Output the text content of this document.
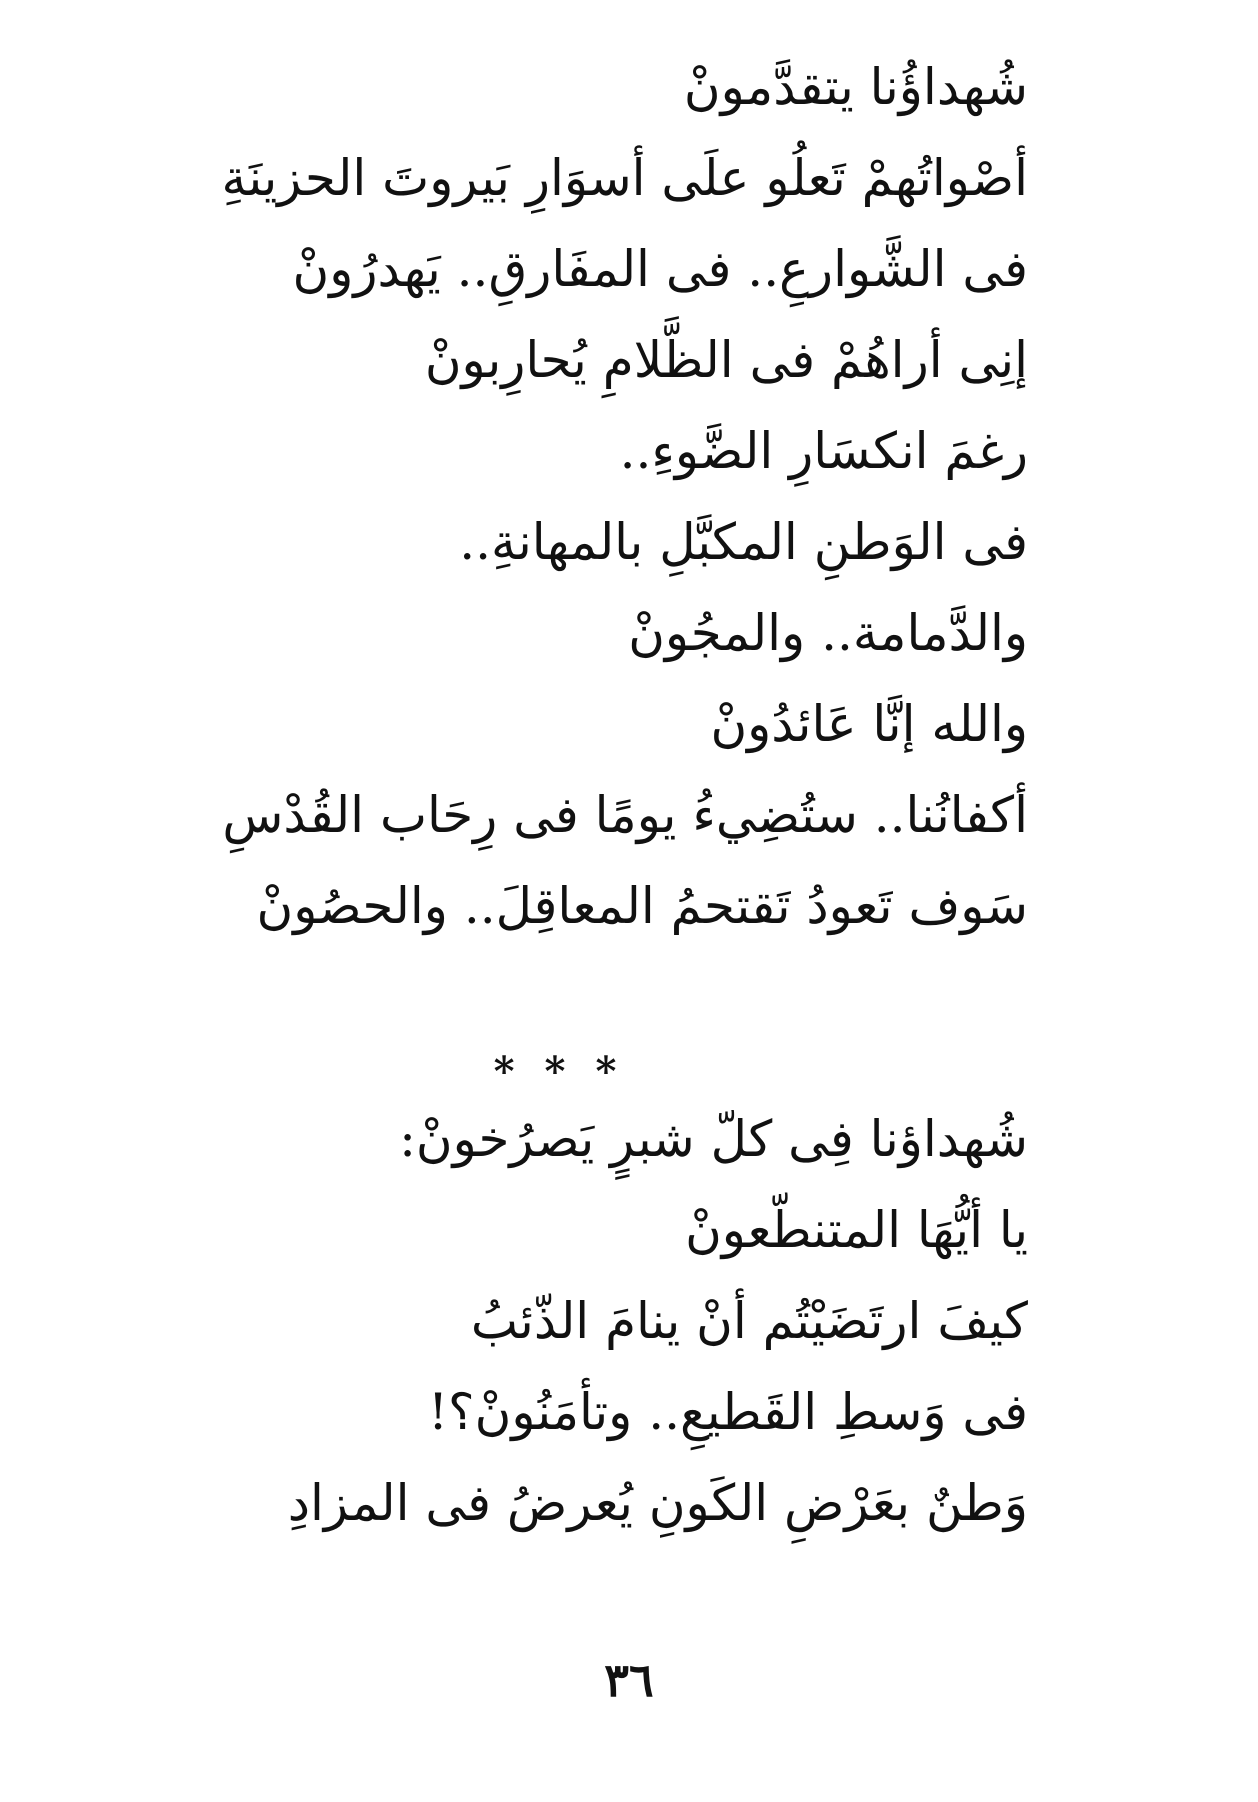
شُهداؤُنا يتقدَّمونْ
أصْواتُهمْ تَعلُو علَى أسوَارِ بَيروتَ الحزينَةِ
فى الشَّوارعِ.. فى المفَارقِ.. يَهدرُونْ
إنِى أراهُمْ فى الظَّلامِ يُحارِبونْ
رغمَ انكسَارِ الضَّوءِ..
فى الوَطنِ المكبَّلِ بالمهانةِ..
والدَّمامة.. والمجُونْ
والله إنَّا عَائدُونْ
أكفانُنا.. ستُضِيءُ يومًا فى رِحَاب القُدْسِ
سَوف تَعودُ تَقتحمُ المعاقِلَ.. والحصُونْ
***
شُهداؤنا فِى كلّ شبرٍ يَصرُخونْ:
يا أيُّهَا المتنطّعونْ
كيفَ ارتَضَيْتُم أنْ ينامَ الذّئبُ
فى وَسطِ القَطيعِ.. وتأمَنُونْ؟!
وَطنٌ بعَرْضِ الكَونِ يُعرضُ فى المزادِ
٣٦
